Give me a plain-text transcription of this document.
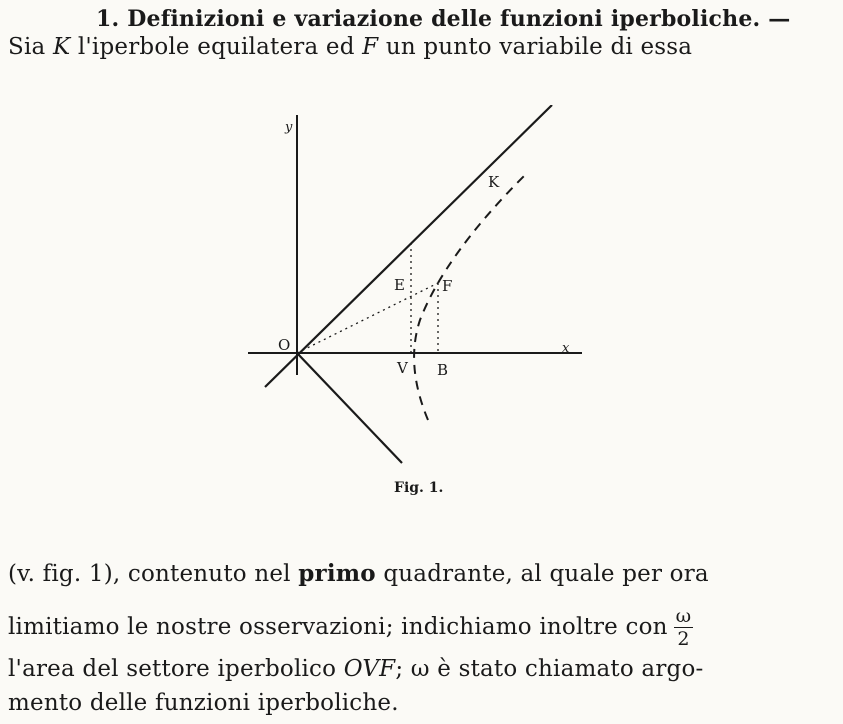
1. Definizioni e variazione delle funzioni iperboliche. —
Sia K l'iperbole equilatera ed F un punto variabile di essa
y
x
O
K
E F
V B
Fig. 1.
(v. fig. 1), contenuto nel primo quadrante, al quale per ora
limitiamo le nostre osservazioni; indichiamo inoltre con $\frac{\omega}{2}$
l'area del settore iperbolico OVF; ω è stato chiamato argo-
mento delle funzioni iperboliche.
